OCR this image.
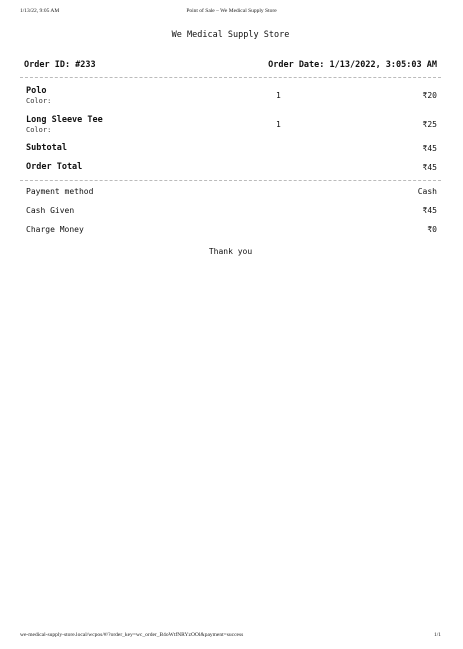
1/13/22, 9:05 AM	Point of Sale – We Medical Supply Store
We Medical Supply Store
Order ID: #233	Order Date: 1/13/2022, 3:05:03 AM
Polo
Color:
1	₹20
Long Sleeve Tee
Color:
1	₹25
Subtotal	₹45
Order Total	₹45
Payment method	Cash
Cash Given	₹45
Charge Money	₹0
Thank you
we-medical-supply-store.local/wcpos/#/?order_key=wc_order_B4oWtfNRYzOOl&payment=success	1/1
